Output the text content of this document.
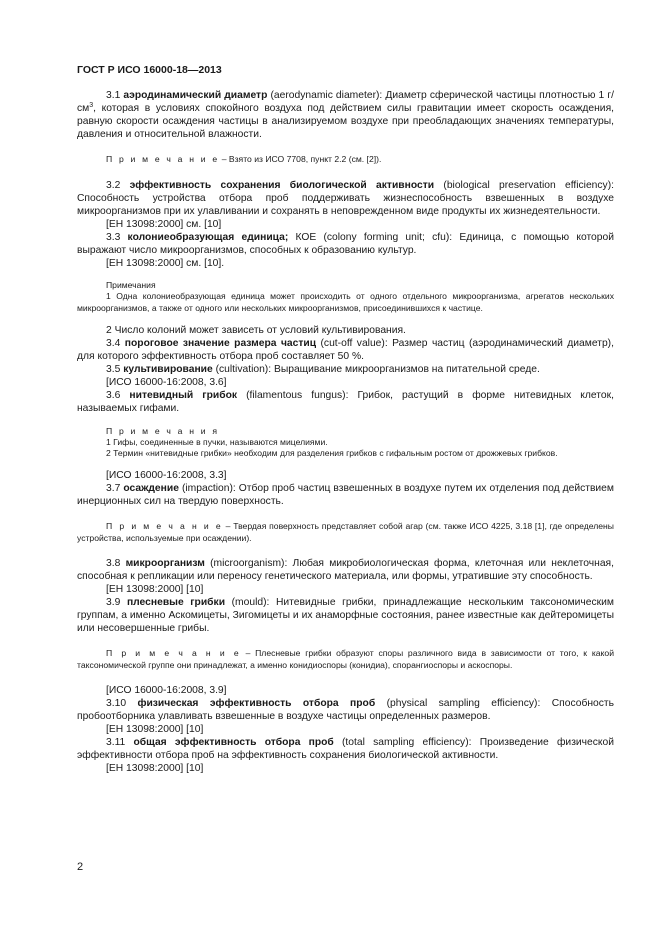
ГОСТ Р ИСО 16000-18—2013

3.1 аэродинамический диаметр (aerodynamic diameter): Диаметр сферической частицы плотностью 1 $г/см^3$, которая в условиях спокойного воздуха под действием силы гравитации имеет скорость осаждения, равную скорости осаждения частицы в анализируемом воздухе при преобладающих значениях температуры, давления и относительной влажности.

П р и м е ч а н и е – Взято из ИСО 7708, пункт 2.2 (см. [2]).

3.2 эффективность сохранения биологической активности (biological preservation efficiency): Способность устройства отбора проб поддерживать жизнеспособность взвешенных в воздухе микроорганизмов при их улавливании и сохранять в неповрежденном виде продукты их жизнедеятельности.

[ЕН 13098:2000] см. [10]

3.3 колониеобразующая единица; КОЕ (colony forming unit; cfu): Единица, с помощью которой выражают число микроорганизмов, способных к образованию культур.

[ЕН 13098:2000] см. [10].

Примечания

1 Одна колониеобразующая единица может происходить от одного отдельного микроорганизма, агрегатов нескольких микроорганизмов, а также от одного или нескольких микроорганизмов, присоединившихся к частице.

2 Число колоний может зависеть от условий культивирования.

3.4 пороговое значение размера частиц (cut-off value): Размер частиц (аэродинамический диаметр), для которого эффективность отбора проб составляет 50 %.

3.5 культивирование (cultivation): Выращивание микроорганизмов на питательной среде.

[ИСО 16000-16:2008, 3.6]

3.6 нитевидный грибок (filamentous fungus): Грибок, растущий в форме нитевидных клеток, называемых гифами.

П р и м е ч а н и я

1 Гифы, соединенные в пучки, называются мицелиями.

2 Термин «нитевидные грибки» необходим для разделения грибков с гифальным ростом от дрожжевых грибков.

[ИСО 16000-16:2008, 3.3]

3.7 осаждение (impaction): Отбор проб частиц взвешенных в воздухе путем их отделения под действием инерционных сил на твердую поверхность.

П р и м е ч а н и е – Твердая поверхность представляет собой агар (см. также ИСО 4225, 3.18 [1], где определены устройства, используемые при осаждении).

3.8 микроорганизм (microorganism): Любая микробиологическая форма, клеточная или неклеточная, способная к репликации или переносу генетического материала, или формы, утратившие эту способность.

[ЕН 13098:2000] [10]

3.9 плесневые грибки (mould): Нитевидные грибки, принадлежащие нескольким таксономическим группам, а именно Аскомицеты, Зигомицеты и их анаморфные состояния, ранее известные как дейтеромицеты или несовершенные грибы.

П р и м е ч а н и е – Плесневые грибки образуют споры различного вида в зависимости от того, к какой таксономической группе они принадлежат, а именно конидиоспоры (конидиа), спорангиоспоры и аскоспоры.

[ИСО 16000-16:2008, 3.9]

3.10 физическая эффективность отбора проб (physical sampling efficiency): Способность пробоотборника улавливать взвешенные в воздухе частицы определенных размеров.

[ЕН 13098:2000] [10]

3.11 общая эффективность отбора проб (total sampling efficiency): Произведение физической эффективности отбора проб на эффективность сохранения биологической активности.

[ЕН 13098:2000] [10]

2
